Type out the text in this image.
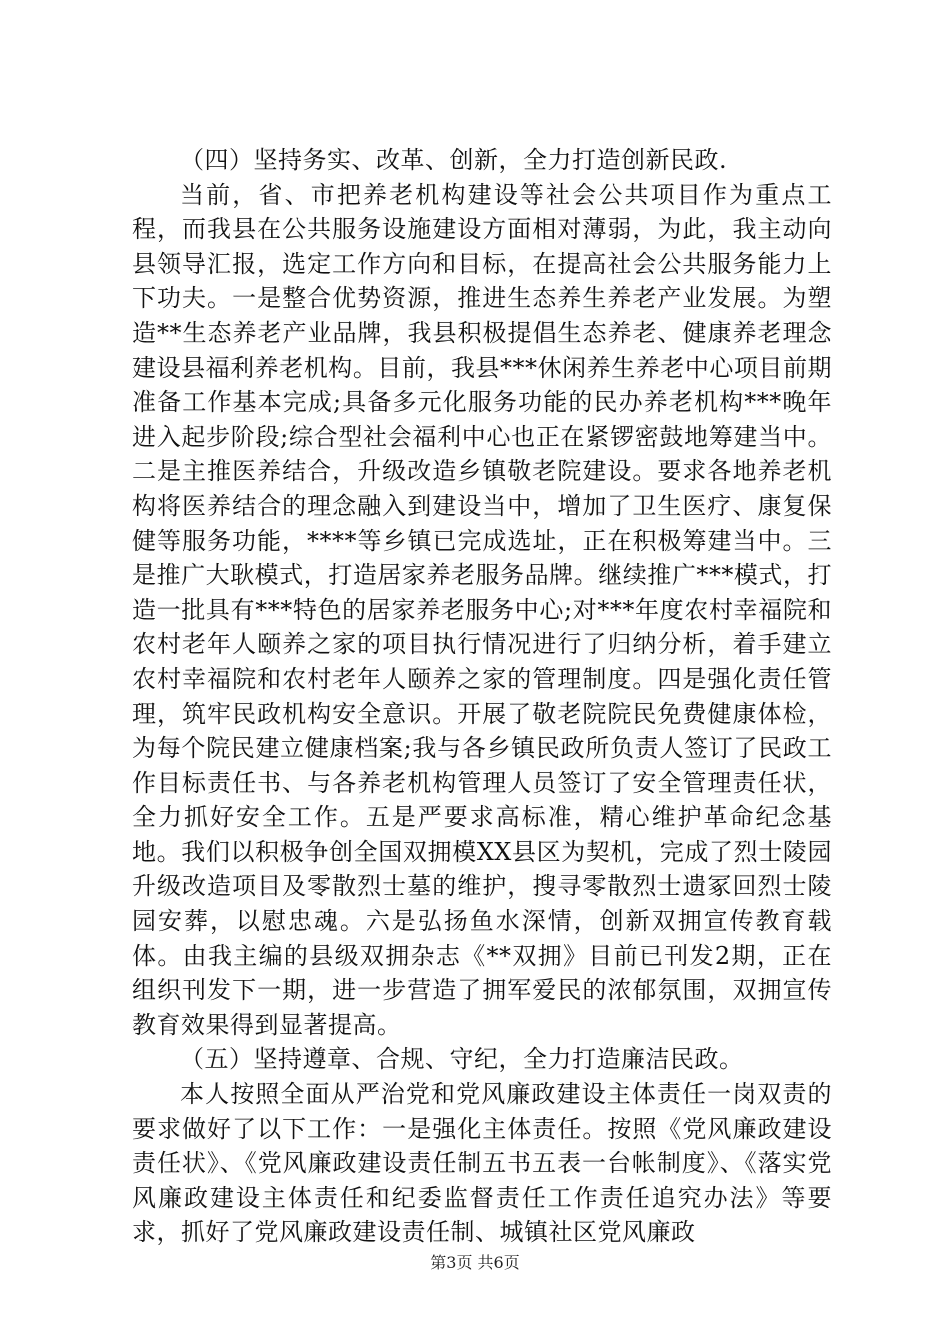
（四）坚持务实、改革、创新，全力打造创新民政.

当前，省、市把养老机构建设等社会公共项目作为重点工程，而我县在公共服务设施建设方面相对薄弱，为此，我主动向县领导汇报，选定工作方向和目标，在提高社会公共服务能力上下功夫。一是整合优势资源，推进生态养生养老产业发展。为塑造**生态养老产业品牌，我县积极提倡生态养老、健康养老理念建设县福利养老机构。目前，我县***休闲养生养老中心项目前期准备工作基本完成;具备多元化服务功能的民办养老机构***晚年进入起步阶段;综合型社会福利中心也正在紧锣密鼓地筹建当中。二是主推医养结合，升级改造乡镇敬老院建设。要求各地养老机构将医养结合的理念融入到建设当中，增加了卫生医疗、康复保健等服务功能，****等乡镇已完成选址，正在积极筹建当中。三是推广大耿模式，打造居家养老服务品牌。继续推广***模式，打造一批具有***特色的居家养老服务中心;对***年度农村幸福院和农村老年人颐养之家的项目执行情况进行了归纳分析，着手建立农村幸福院和农村老年人颐养之家的管理制度。四是强化责任管理，筑牢民政机构安全意识。开展了敬老院院民免费健康体检，为每个院民建立健康档案;我与各乡镇民政所负责人签订了民政工作目标责任书、与各养老机构管理人员签订了安全管理责任状，全力抓好安全工作。五是严要求高标准，精心维护革命纪念基地。我们以积极争创全国双拥模XX县区为契机，完成了烈士陵园升级改造项目及零散烈士墓的维护，搜寻零散烈士遗冢回烈士陵园安葬，以慰忠魂。六是弘扬鱼水深情，创新双拥宣传教育载体。由我主编的县级双拥杂志《**双拥》目前已刊发2期，正在组织刊发下一期，进一步营造了拥军爱民的浓郁氛围，双拥宣传教育效果得到显著提高。

（五）坚持遵章、合规、守纪，全力打造廉洁民政。

本人按照全面从严治党和党风廉政建设主体责任一岗双责的要求做好了以下工作：一是强化主体责任。按照《党风廉政建设责任状》、《党风廉政建设责任制五书五表一台帐制度》、《落实党风廉政建设主体责任和纪委监督责任工作责任追究办法》等要求，抓好了党风廉政建设责任制、城镇社区党风廉政

第3页 共6页
